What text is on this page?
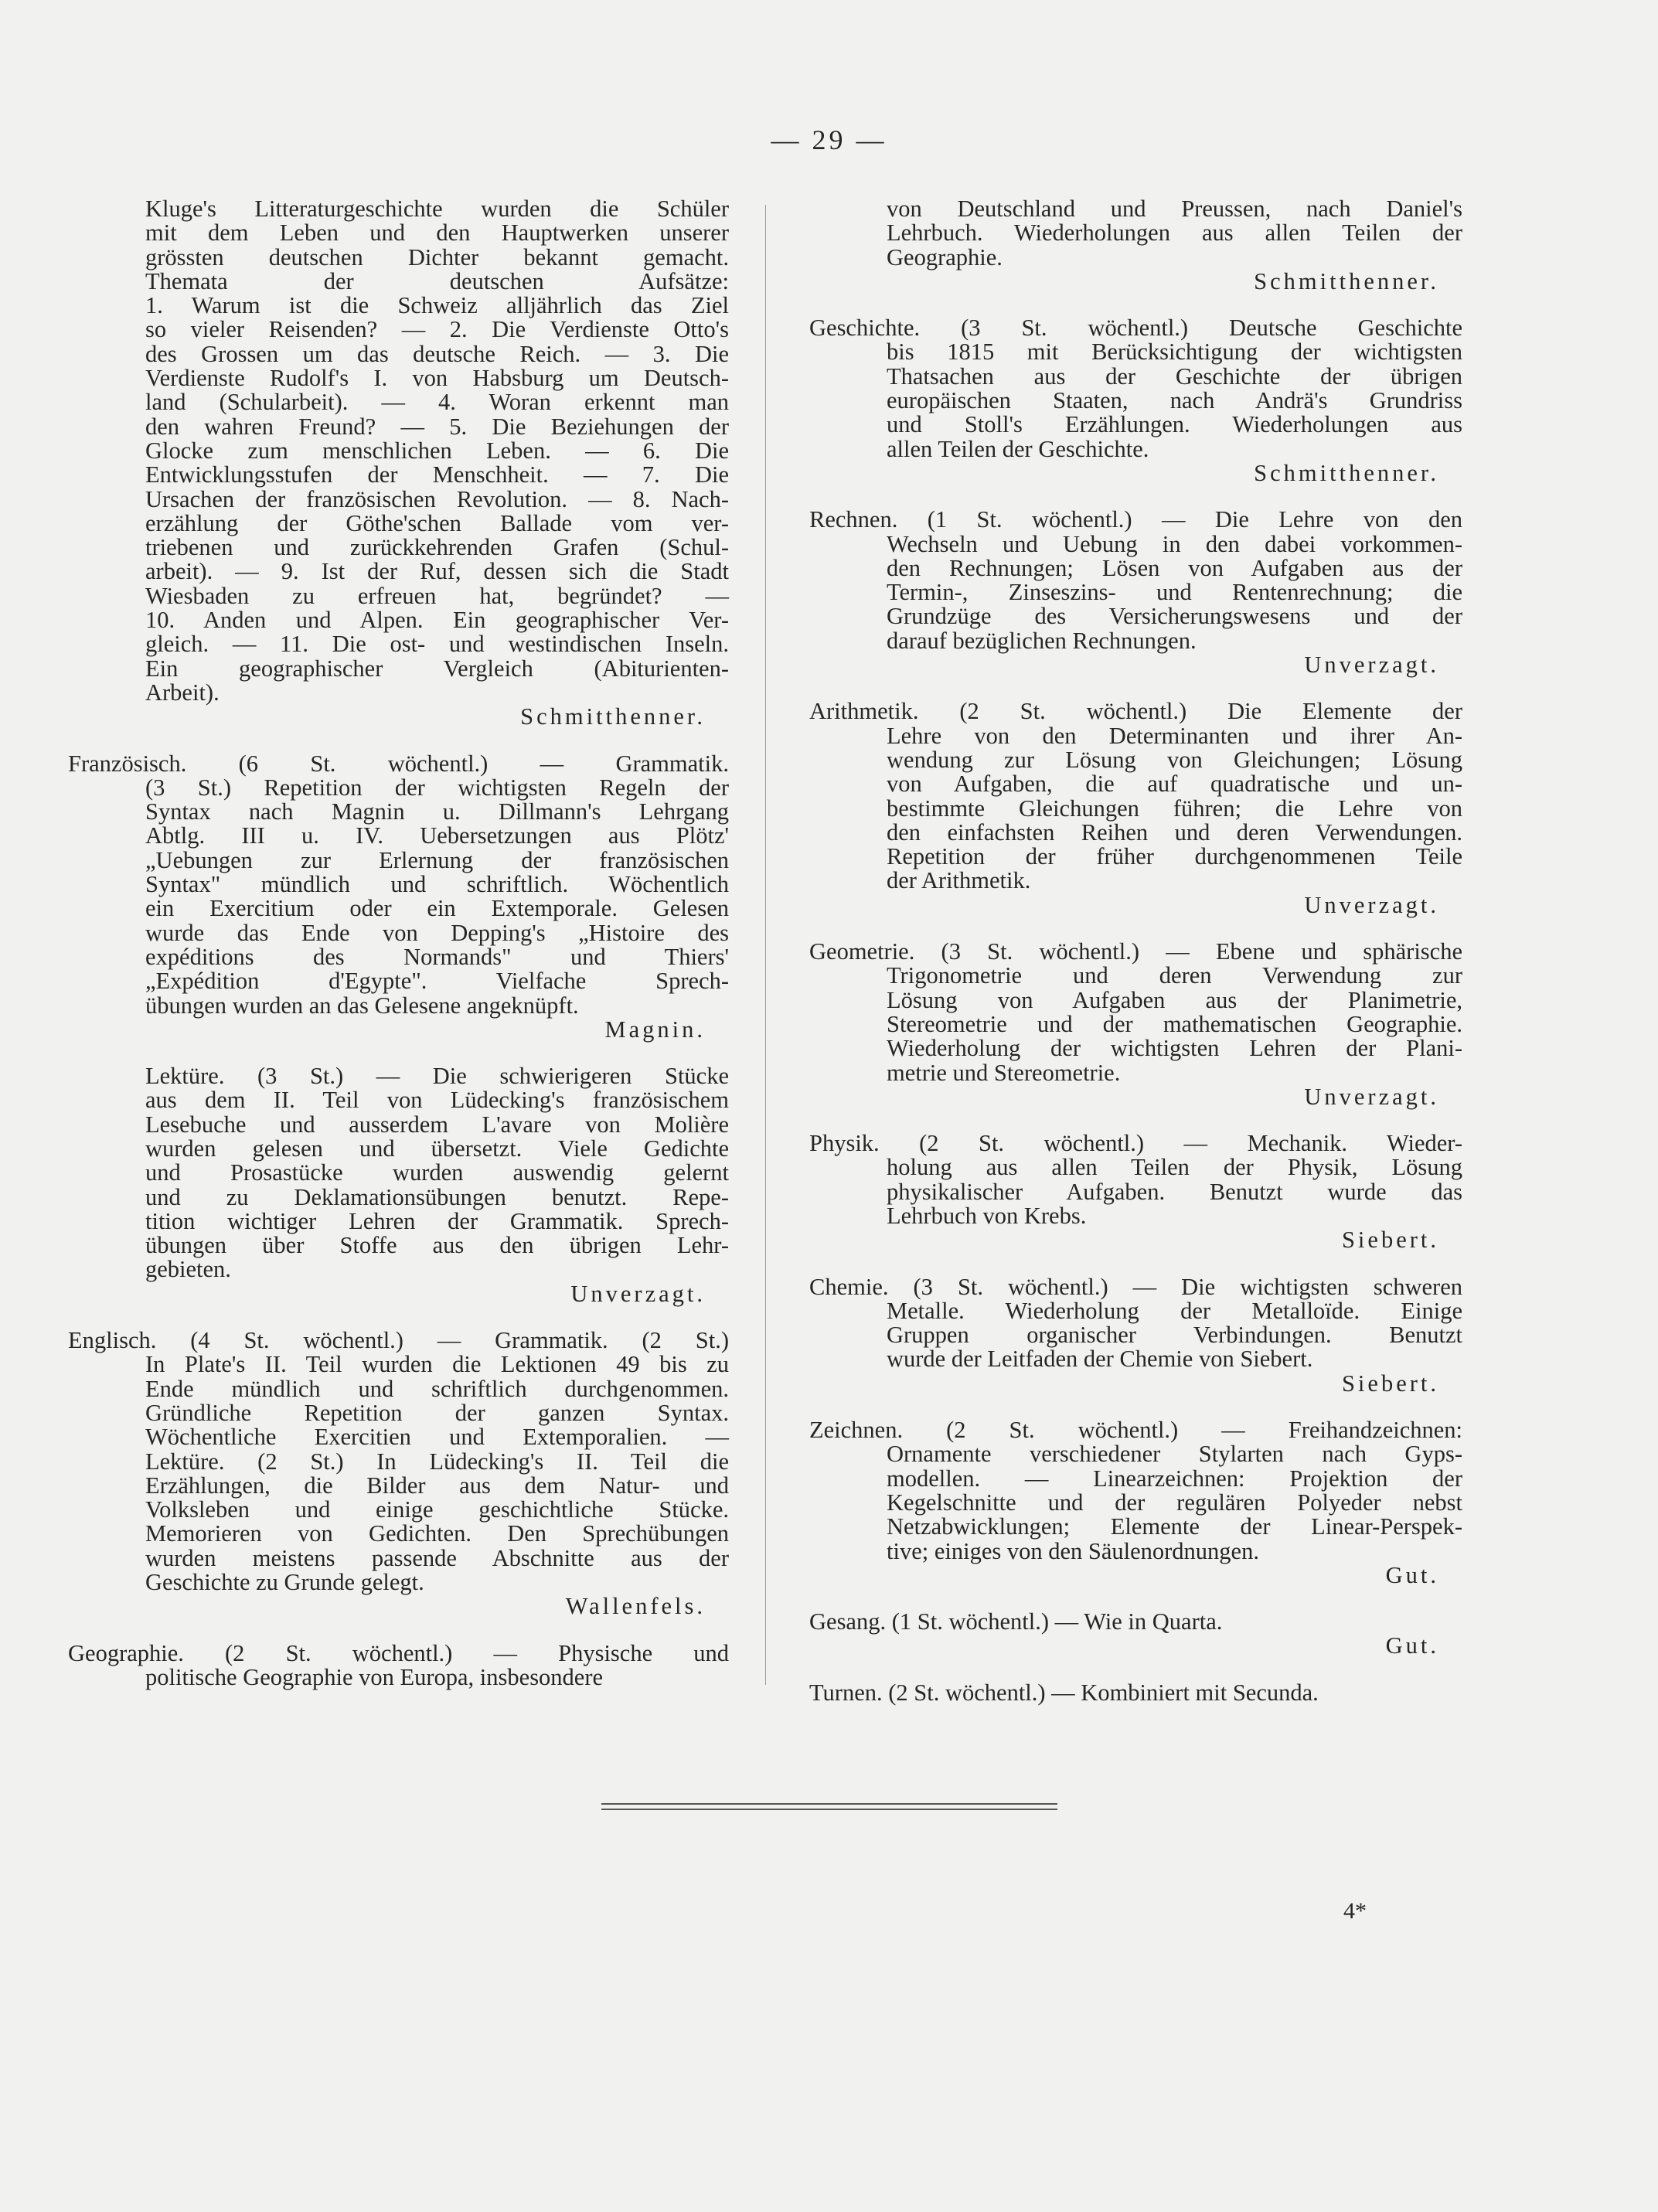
— 29 —
Kluge's Litteraturgeschichte wurden die Schüler
mit dem Leben und den Hauptwerken unserer
grössten deutschen Dichter bekannt gemacht.
Themata der deutschen Aufsätze:
1. Warum ist die Schweiz alljährlich das Ziel
so vieler Reisenden? — 2. Die Verdienste Otto's
des Grossen um das deutsche Reich. — 3. Die
Verdienste Rudolf's I. von Habsburg um Deutsch-
land (Schularbeit). — 4. Woran erkennt man
den wahren Freund? — 5. Die Beziehungen der
Glocke zum menschlichen Leben. — 6. Die
Entwicklungsstufen der Menschheit. — 7. Die
Ursachen der französischen Revolution. — 8. Nach-
erzählung der Göthe'schen Ballade vom ver-
triebenen und zurückkehrenden Grafen (Schul-
arbeit). — 9. Ist der Ruf, dessen sich die Stadt
Wiesbaden zu erfreuen hat, begründet? —
10. Anden und Alpen. Ein geographischer Ver-
gleich. — 11. Die ost- und westindischen Inseln.
Ein geographischer Vergleich (Abiturienten-
Arbeit).
Schmitthenner.
Französisch. (6 St. wöchentl.) — Grammatik.
(3 St.) Repetition der wichtigsten Regeln der
Syntax nach Magnin u. Dillmann's Lehrgang
Abtlg. III u. IV. Uebersetzungen aus Plötz'
„Uebungen zur Erlernung der französischen
Syntax" mündlich und schriftlich. Wöchentlich
ein Exercitium oder ein Extemporale. Gelesen
wurde das Ende von Depping's „Histoire des
expéditions des Normands" und Thiers'
„Expédition d'Egypte". Vielfache Sprech-
übungen wurden an das Gelesene angeknüpft.
Magnin.
Lektüre. (3 St.) — Die schwierigeren Stücke
aus dem II. Teil von Lüdecking's französischem
Lesebuche und ausserdem L'avare von Molière
wurden gelesen und übersetzt. Viele Gedichte
und Prosastücke wurden auswendig gelernt
und zu Deklamationsübungen benutzt. Repe-
tition wichtiger Lehren der Grammatik. Sprech-
übungen über Stoffe aus den übrigen Lehr-
gebieten.
Unverzagt.
Englisch. (4 St. wöchentl.) — Grammatik. (2 St.)
In Plate's II. Teil wurden die Lektionen 49 bis zu
Ende mündlich und schriftlich durchgenommen.
Gründliche Repetition der ganzen Syntax.
Wöchentliche Exercitien und Extemporalien. —
Lektüre. (2 St.) In Lüdecking's II. Teil die
Erzählungen, die Bilder aus dem Natur- und
Volksleben und einige geschichtliche Stücke.
Memorieren von Gedichten. Den Sprechübungen
wurden meistens passende Abschnitte aus der
Geschichte zu Grunde gelegt.
Wallenfels.
Geographie. (2 St. wöchentl.) — Physische und
politische Geographie von Europa, insbesondere
von Deutschland und Preussen, nach Daniel's
Lehrbuch. Wiederholungen aus allen Teilen der
Geographie.
Schmitthenner.
Geschichte. (3 St. wöchentl.) Deutsche Geschichte
bis 1815 mit Berücksichtigung der wichtigsten
Thatsachen aus der Geschichte der übrigen
europäischen Staaten, nach Andrä's Grundriss
und Stoll's Erzählungen. Wiederholungen aus
allen Teilen der Geschichte.
Schmitthenner.
Rechnen. (1 St. wöchentl.) — Die Lehre von den
Wechseln und Uebung in den dabei vorkommen-
den Rechnungen; Lösen von Aufgaben aus der
Termin-, Zinseszins- und Rentenrechnung; die
Grundzüge des Versicherungswesens und der
darauf bezüglichen Rechnungen.
Unverzagt.
Arithmetik. (2 St. wöchentl.) Die Elemente der
Lehre von den Determinanten und ihrer An-
wendung zur Lösung von Gleichungen; Lösung
von Aufgaben, die auf quadratische und un-
bestimmte Gleichungen führen; die Lehre von
den einfachsten Reihen und deren Verwendungen.
Repetition der früher durchgenommenen Teile
der Arithmetik.
Unverzagt.
Geometrie. (3 St. wöchentl.) — Ebene und sphärische
Trigonometrie und deren Verwendung zur
Lösung von Aufgaben aus der Planimetrie,
Stereometrie und der mathematischen Geographie.
Wiederholung der wichtigsten Lehren der Plani-
metrie und Stereometrie.
Unverzagt.
Physik. (2 St. wöchentl.) — Mechanik. Wieder-
holung aus allen Teilen der Physik, Lösung
physikalischer Aufgaben. Benutzt wurde das
Lehrbuch von Krebs.
Siebert.
Chemie. (3 St. wöchentl.) — Die wichtigsten schweren
Metalle. Wiederholung der Metalloïde. Einige
Gruppen organischer Verbindungen. Benutzt
wurde der Leitfaden der Chemie von Siebert.
Siebert.
Zeichnen. (2 St. wöchentl.) — Freihandzeichnen:
Ornamente verschiedener Stylarten nach Gyps-
modellen. — Linearzeichnen: Projektion der
Kegelschnitte und der regulären Polyeder nebst
Netzabwicklungen; Elemente der Linear-Perspek-
tive; einiges von den Säulenordnungen.
Gut.
Gesang. (1 St. wöchentl.) — Wie in Quarta.
Gut.
Turnen. (2 St. wöchentl.) — Kombiniert mit Secunda.
4*
